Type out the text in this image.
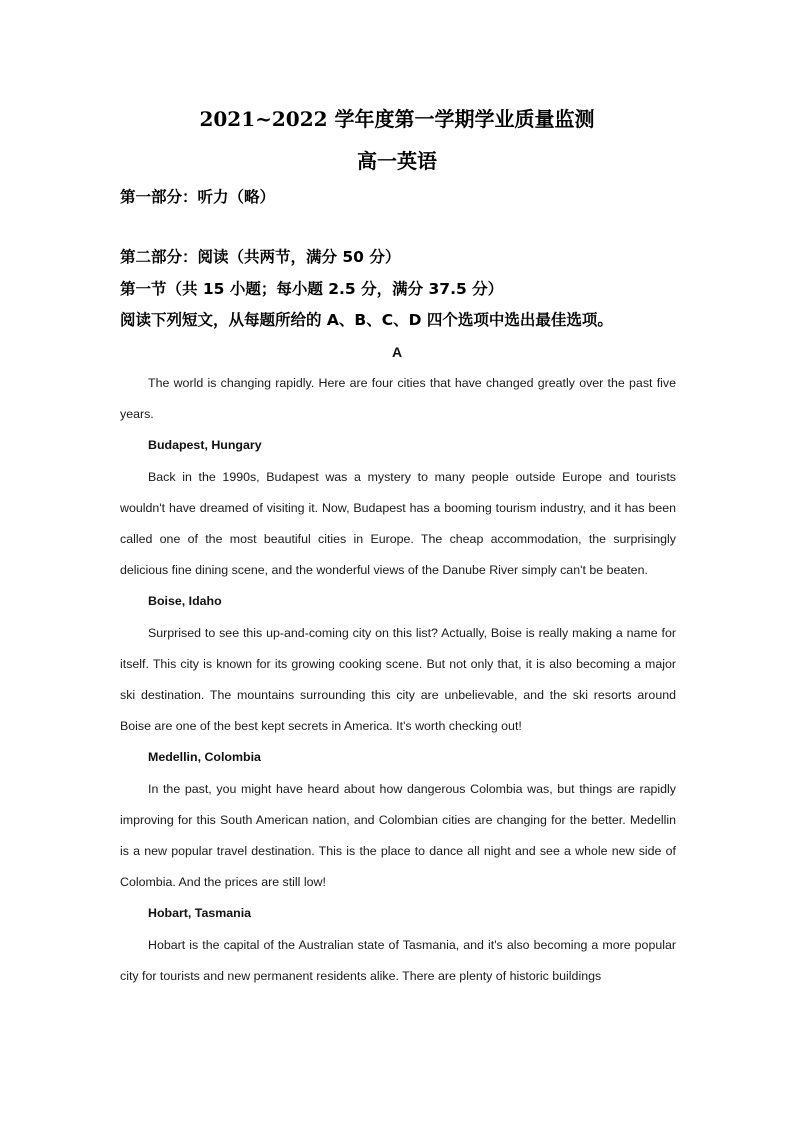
2021~2022 学年度第一学期学业质量监测
高一英语
第一部分：听力（略）
第二部分：阅读（共两节，满分 50 分）
第一节（共 15 小题；每小题 2.5 分，满分 37.5 分）
阅读下列短文，从每题所给的 A、B、C、D 四个选项中选出最佳选项。
A

The world is changing rapidly. Here are four cities that have changed greatly over the past five years.

Budapest, Hungary

Back in the 1990s, Budapest was a mystery to many people outside Europe and tourists wouldn't have dreamed of visiting it. Now, Budapest has a booming tourism industry, and it has been called one of the most beautiful cities in Europe. The cheap accommodation, the surprisingly delicious fine dining scene, and the wonderful views of the Danube River simply can't be beaten.

Boise, Idaho

Surprised to see this up-and-coming city on this list? Actually, Boise is really making a name for itself. This city is known for its growing cooking scene. But not only that, it is also becoming a major ski destination. The mountains surrounding this city are unbelievable, and the ski resorts around Boise are one of the best kept secrets in America. It's worth checking out!

Medellin, Colombia

In the past, you might have heard about how dangerous Colombia was, but things are rapidly improving for this South American nation, and Colombian cities are changing for the better. Medellin is a new popular travel destination. This is the place to dance all night and see a whole new side of Colombia. And the prices are still low!

Hobart, Tasmania

Hobart is the capital of the Australian state of Tasmania, and it's also becoming a more popular city for tourists and new permanent residents alike. There are plenty of historic buildings
